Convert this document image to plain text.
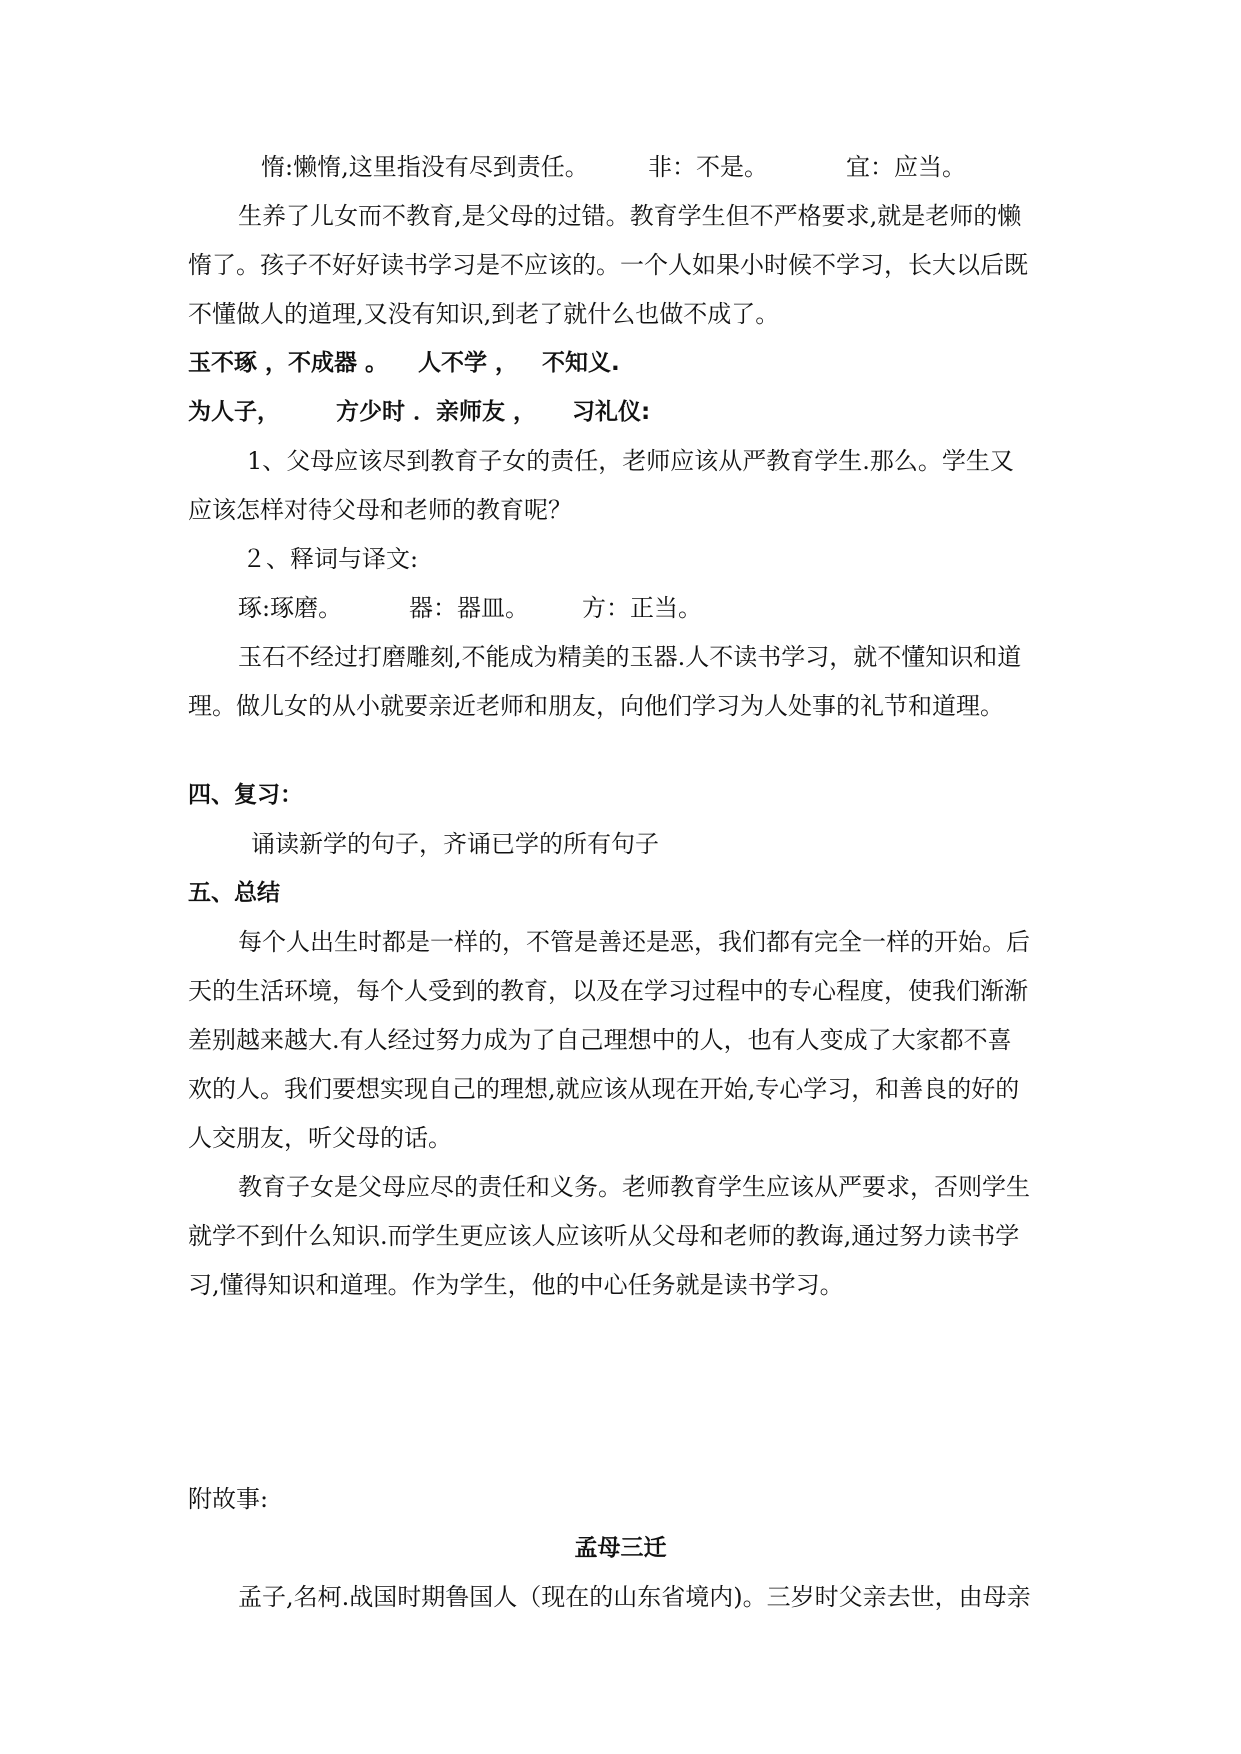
惰:懒惰,这里指没有尽到责任。 非：不是。	宜：应当。
生养了儿女而不教育,是父母的过错。教育学生但不严格要求,就是老师的懒
惰了。孩子不好好读书学习是不应该的。一个人如果小时候不学习，长大以后既
不懂做人的道理,又没有知识,到老了就什么也做不成了。
玉不琢 ，不成器 。 人不学 ， 不知义.
为人子， 方少时 ．亲师友 ， 习礼仪:
1、父母应该尽到教育子女的责任，老师应该从严教育学生.那么。学生又
应该怎样对待父母和老师的教育呢？
２、释词与译文:
琢:琢磨。	器：器皿。 方：正当。
玉石不经过打磨雕刻,不能成为精美的玉器.人不读书学习，就不懂知识和道
理。做儿女的从小就要亲近老师和朋友，向他们学习为人处事的礼节和道理。
四、复习：
诵读新学的句子，齐诵已学的所有句子
五、总结
每个人出生时都是一样的，不管是善还是恶，我们都有完全一样的开始。后
天的生活环境，每个人受到的教育，以及在学习过程中的专心程度，使我们渐渐
差别越来越大.有人经过努力成为了自己理想中的人，也有人变成了大家都不喜
欢的人。我们要想实现自己的理想,就应该从现在开始,专心学习，和善良的好的
人交朋友，听父母的话。
教育子女是父母应尽的责任和义务。老师教育学生应该从严要求，否则学生
就学不到什么知识.而学生更应该人应该听从父母和老师的教诲,通过努力读书学
习,懂得知识和道理。作为学生，他的中心任务就是读书学习。
附故事:
孟母三迁
孟子,名柯.战国时期鲁国人（现在的山东省境内)。三岁时父亲去世，由母亲
